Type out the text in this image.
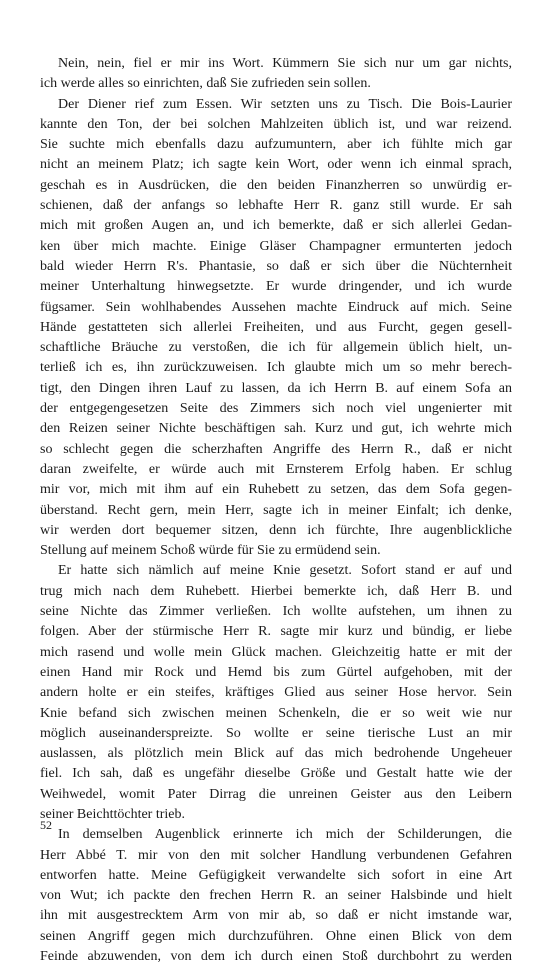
Nein, nein, fiel er mir ins Wort. Kümmern Sie sich nur um gar nichts,
ich werde alles so einrichten, daß Sie zufrieden sein sollen.
Der Diener rief zum Essen. Wir setzten uns zu Tisch. Die Bois-Laurier
kannte den Ton, der bei solchen Mahlzeiten üblich ist, und war reizend.
Sie suchte mich ebenfalls dazu aufzumuntern, aber ich fühlte mich gar
nicht an meinem Platz; ich sagte kein Wort, oder wenn ich einmal sprach,
geschah es in Ausdrücken, die den beiden Finanzherren so unwürdig er-
schienen, daß der anfangs so lebhafte Herr R. ganz still wurde. Er sah
mich mit großen Augen an, und ich bemerkte, daß er sich allerlei Gedan-
ken über mich machte. Einige Gläser Champagner ermunterten jedoch
bald wieder Herrn R's. Phantasie, so daß er sich über die Nüchternheit
meiner Unterhaltung hinwegsetzte. Er wurde dringender, und ich wurde
fügsamer. Sein wohlhabendes Aussehen machte Eindruck auf mich. Seine
Hände gestatteten sich allerlei Freiheiten, und aus Furcht, gegen gesell-
schaftliche Bräuche zu verstoßen, die ich für allgemein üblich hielt, un-
terließ ich es, ihn zurückzuweisen. Ich glaubte mich um so mehr berech-
tigt, den Dingen ihren Lauf zu lassen, da ich Herrn B. auf einem Sofa an
der entgegengesetzen Seite des Zimmers sich noch viel ungenierter mit
den Reizen seiner Nichte beschäftigen sah. Kurz und gut, ich wehrte mich
so schlecht gegen die scherzhaften Angriffe des Herrn R., daß er nicht
daran zweifelte, er würde auch mit Ernsterem Erfolg haben. Er schlug
mir vor, mich mit ihm auf ein Ruhebett zu setzen, das dem Sofa gegen-
überstand. Recht gern, mein Herr, sagte ich in meiner Einfalt; ich denke,
wir werden dort bequemer sitzen, denn ich fürchte, Ihre augenblickliche
Stellung auf meinem Schoß würde für Sie zu ermüdend sein.
Er hatte sich nämlich auf meine Knie gesetzt. Sofort stand er auf und
trug mich nach dem Ruhebett. Hierbei bemerkte ich, daß Herr B. und
seine Nichte das Zimmer verließen. Ich wollte aufstehen, um ihnen zu
folgen. Aber der stürmische Herr R. sagte mir kurz und bündig, er liebe
mich rasend und wolle mein Glück machen. Gleichzeitig hatte er mit der
einen Hand mir Rock und Hemd bis zum Gürtel aufgehoben, mit der
andern holte er ein steifes, kräftiges Glied aus seiner Hose hervor. Sein
Knie befand sich zwischen meinen Schenkeln, die er so weit wie nur
möglich auseinanderspreizte. So wollte er seine tierische Lust an mir
auslassen, als plötzlich mein Blick auf das mich bedrohende Ungeheuer
fiel. Ich sah, daß es ungefähr dieselbe Größe und Gestalt hatte wie der
Weihwedel, womit Pater Dirrag die unreinen Geister aus den Leibern
seiner Beichttöchter trieb.
In demselben Augenblick erinnerte ich mich der Schilderungen, die
Herr Abbé T. mir von den mit solcher Handlung verbundenen Gefahren
entworfen hatte. Meine Gefügigkeit verwandelte sich sofort in eine Art
von Wut; ich packte den frechen Herrn R. an seiner Halsbinde und hielt
ihn mit ausgestrecktem Arm von mir ab, so daß er nicht imstande war,
seinen Angriff gegen mich durchzuführen. Ohne einen Blick von dem
Feinde abzuwenden, von dem ich durch einen Stoß durchbohrt zu werden
52
